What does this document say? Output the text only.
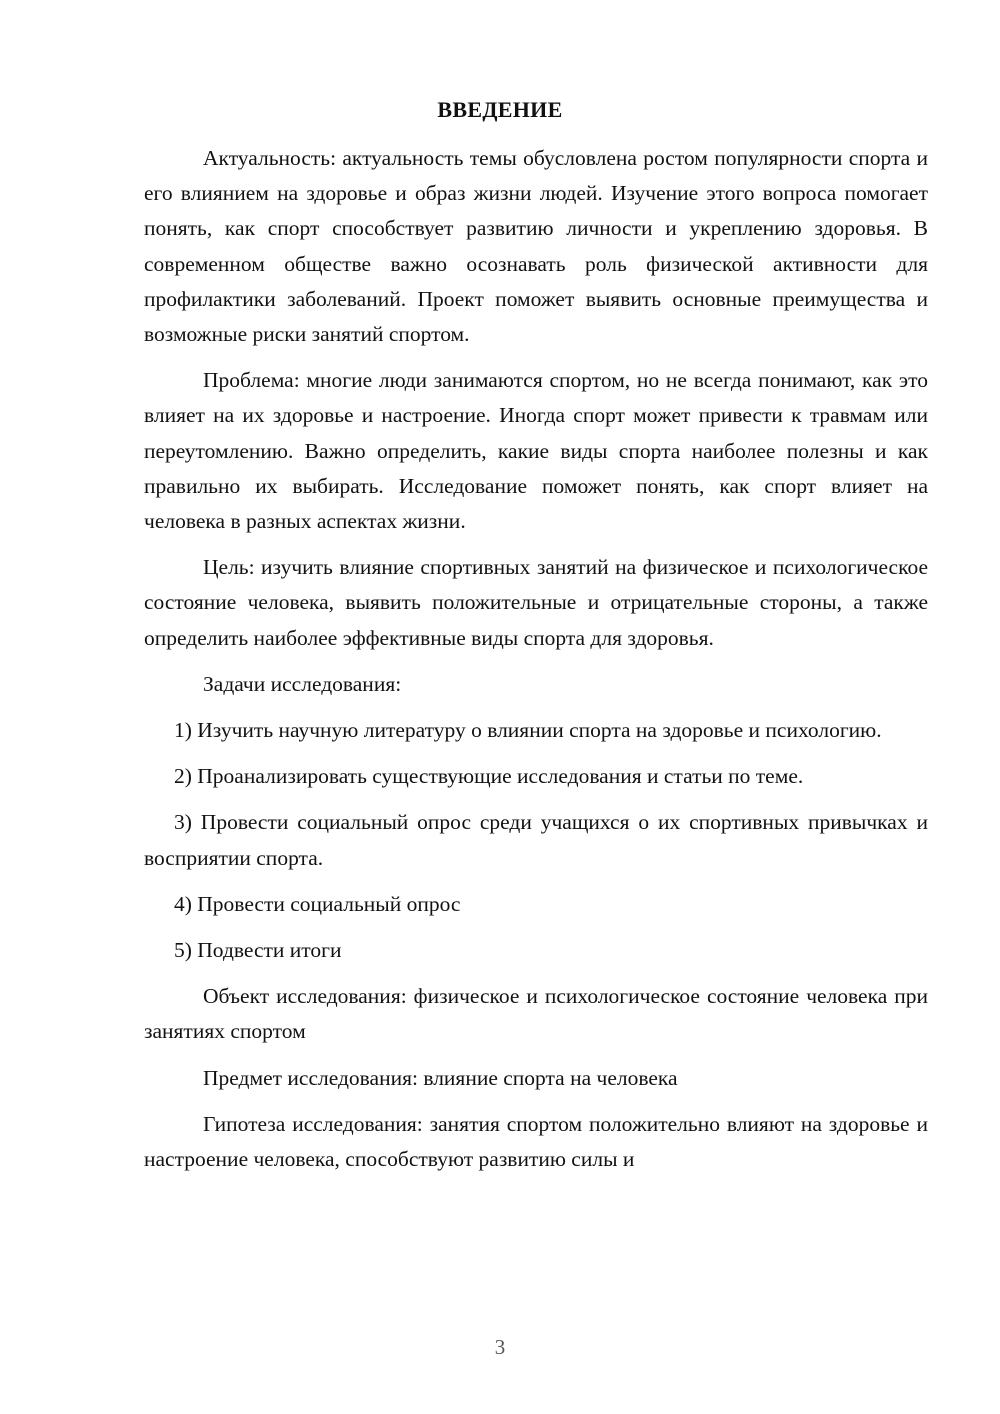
ВВЕДЕНИЕ

Актуальность: актуальность темы обусловлена ростом популярности спорта и его влиянием на здоровье и образ жизни людей. Изучение этого вопроса помогает понять, как спорт способствует развитию личности и укреплению здоровья. В современном обществе важно осознавать роль физической активности для профилактики заболеваний. Проект поможет выявить основные преимущества и возможные риски занятий спортом.

Проблема: многие люди занимаются спортом, но не всегда понимают, как это влияет на их здоровье и настроение. Иногда спорт может привести к травмам или переутомлению. Важно определить, какие виды спорта наиболее полезны и как правильно их выбирать. Исследование поможет понять, как спорт влияет на человека в разных аспектах жизни.

Цель: изучить влияние спортивных занятий на физическое и психологическое состояние человека, выявить положительные и отрицательные стороны, а также определить наиболее эффективные виды спорта для здоровья.

Задачи исследования:

1) Изучить научную литературу о влиянии спорта на здоровье и психологию.

2) Проанализировать существующие исследования и статьи по теме.

3) Провести социальный опрос среди учащихся о их спортивных привычках и восприятии спорта.

4) Провести социальный опрос

5) Подвести итоги

Объект исследования: физическое и психологическое состояние человека при занятиях спортом

Предмет исследования: влияние спорта на человека

Гипотеза исследования: занятия спортом положительно влияют на здоровье и настроение человека, способствуют развитию силы и

3
